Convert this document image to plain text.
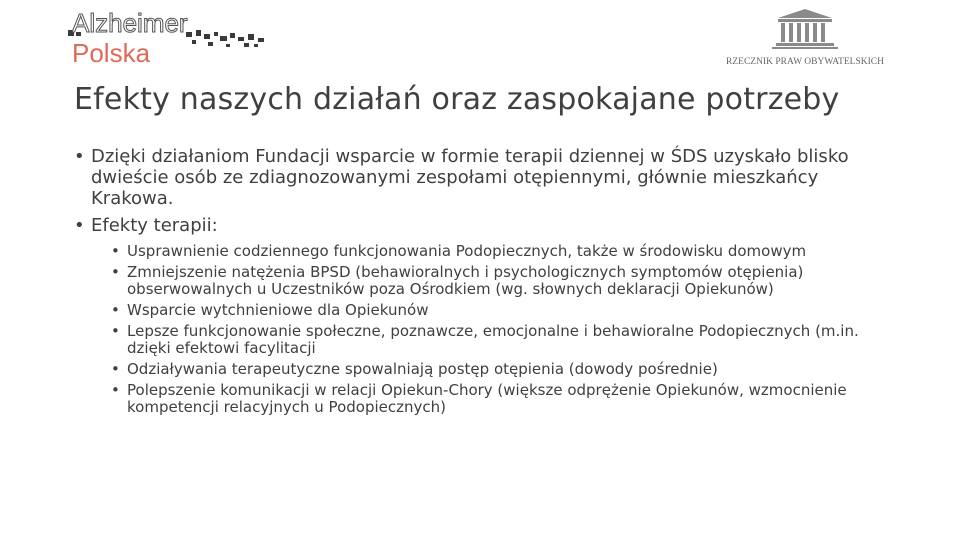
Alzheimer
Polska	RZECZNIK PRAW OBYWATELSKICH
Efekty naszych działań oraz zaspokajane potrzeby
• Dzięki działaniom Fundacji wsparcie w formie terapii dziennej w ŚDS uzyskało blisko dwieście osób ze zdiagnozowanymi zespołami otępiennymi, głównie mieszkańcy Krakowa.
• Efekty terapii:
• Usprawnienie codziennego funkcjonowania Podopiecznych, także w środowisku domowym
• Zmniejszenie natężenia BPSD (behawioralnych i psychologicznych symptomów otępienia) obserwowalnych u Uczestników poza Ośrodkiem (wg. słownych deklaracji Opiekunów)
• Wsparcie wytchnieniowe dla Opiekunów
• Lepsze funkcjonowanie społeczne, poznawcze, emocjonalne i behawioralne Podopiecznych (m.in. dzięki efektowi facylitacji
• Odziaływania terapeutyczne spowalniają postęp otępienia (dowody pośrednie)
• Polepszenie komunikacji w relacji Opiekun-Chory (większe odprężenie Opiekunów, wzmocnienie kompetencji relacyjnych u Podopiecznych)
